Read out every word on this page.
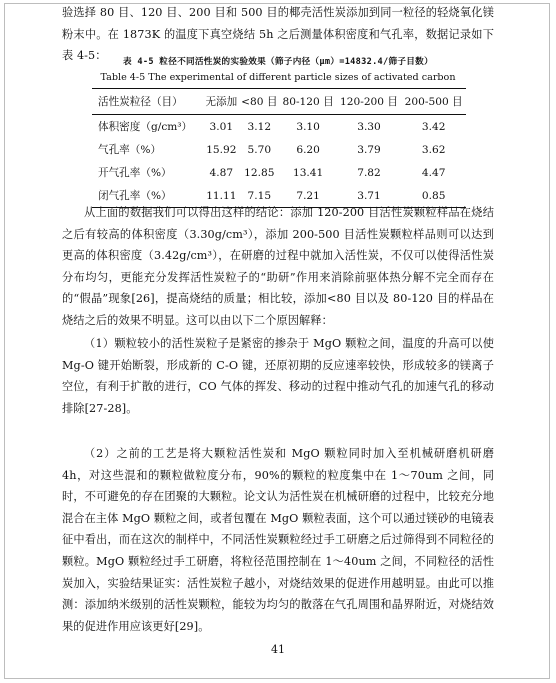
验选择 80 目、120 目、200 目和 500 目的椰壳活性炭添加到同一粒径的轻烧氧化镁粉末中。在 1873K 的温度下真空烧结 5h 之后测量体积密度和气孔率，数据记录如下表 4-5：	表 4-5 粒径不同活性炭的实验效果（筛子内径（μm）=14832.4/筛子目数）
Table 4-5 The experimental of different particle sizes of activated carbon
活性炭粒径（目）	无添加	<80 目	80-120 目	120-200 目	200-500 目
体积密度（g/cm³）	3.01	3.12	3.10	3.30	3.42
气孔率（%）	15.92	5.70	6.20	3.79	3.62
开气孔率（%）	4.87	12.85	13.41	7.82	4.47
闭气孔率（%）	11.11	7.15	7.21	3.71	0.85

从上面的数据我们可以得出这样的结论：添加 120-200 目活性炭颗粒样品在烧结之后有较高的体积密度（3.30g/cm³），添加 200-500 目活性炭颗粒样品则可以达到更高的体积密度（3.42g/cm³），在研磨的过程中就加入活性炭，不仅可以使得活性炭分布均匀，更能充分发挥活性炭粒子的“助研”作用来消除前驱体热分解不完全而存在的“假晶”现象[26]，提高烧结的质量；相比较，添加<80 目以及 80-120 目的样品在烧结之后的效果不明显。这可以由以下二个原因解释：

（1）颗粒较小的活性炭粒子是紧密的掺杂于 MgO 颗粒之间，温度的升高可以使 Mg-O 键开始断裂，形成新的 C-O 键，还原初期的反应速率较快，形成较多的镁离子空位，有利于扩散的进行，CO 气体的挥发、移动的过程中推动气孔的加速气孔的移动排除[27-28]。

（2）之前的工艺是将大颗粒活性炭和 MgO 颗粒同时加入至机械研磨机研磨 4h，对这些混和的颗粒做粒度分布，90%的颗粒的粒度集中在 1～70um 之间，同时，不可避免的存在团聚的大颗粒。论文认为活性炭在机械研磨的过程中，比较充分地混合在主体 MgO 颗粒之间，或者包覆在 MgO 颗粒表面，这个可以通过镁砂的电镜表征中看出，而在这次的制样中，不同活性炭颗粒经过手工研磨之后过筛得到不同粒径的颗粒。MgO 颗粒经过手工研磨，将粒径范围控制在 1～40um 之间，不同粒径的活性炭加入，实验结果证实：活性炭粒子越小，对烧结效果的促进作用越明显。由此可以推测：添加纳米级别的活性炭颗粒，能较为均匀的散落在气孔周围和晶界附近，对烧结效果的促进作用应该更好[29]。

41
